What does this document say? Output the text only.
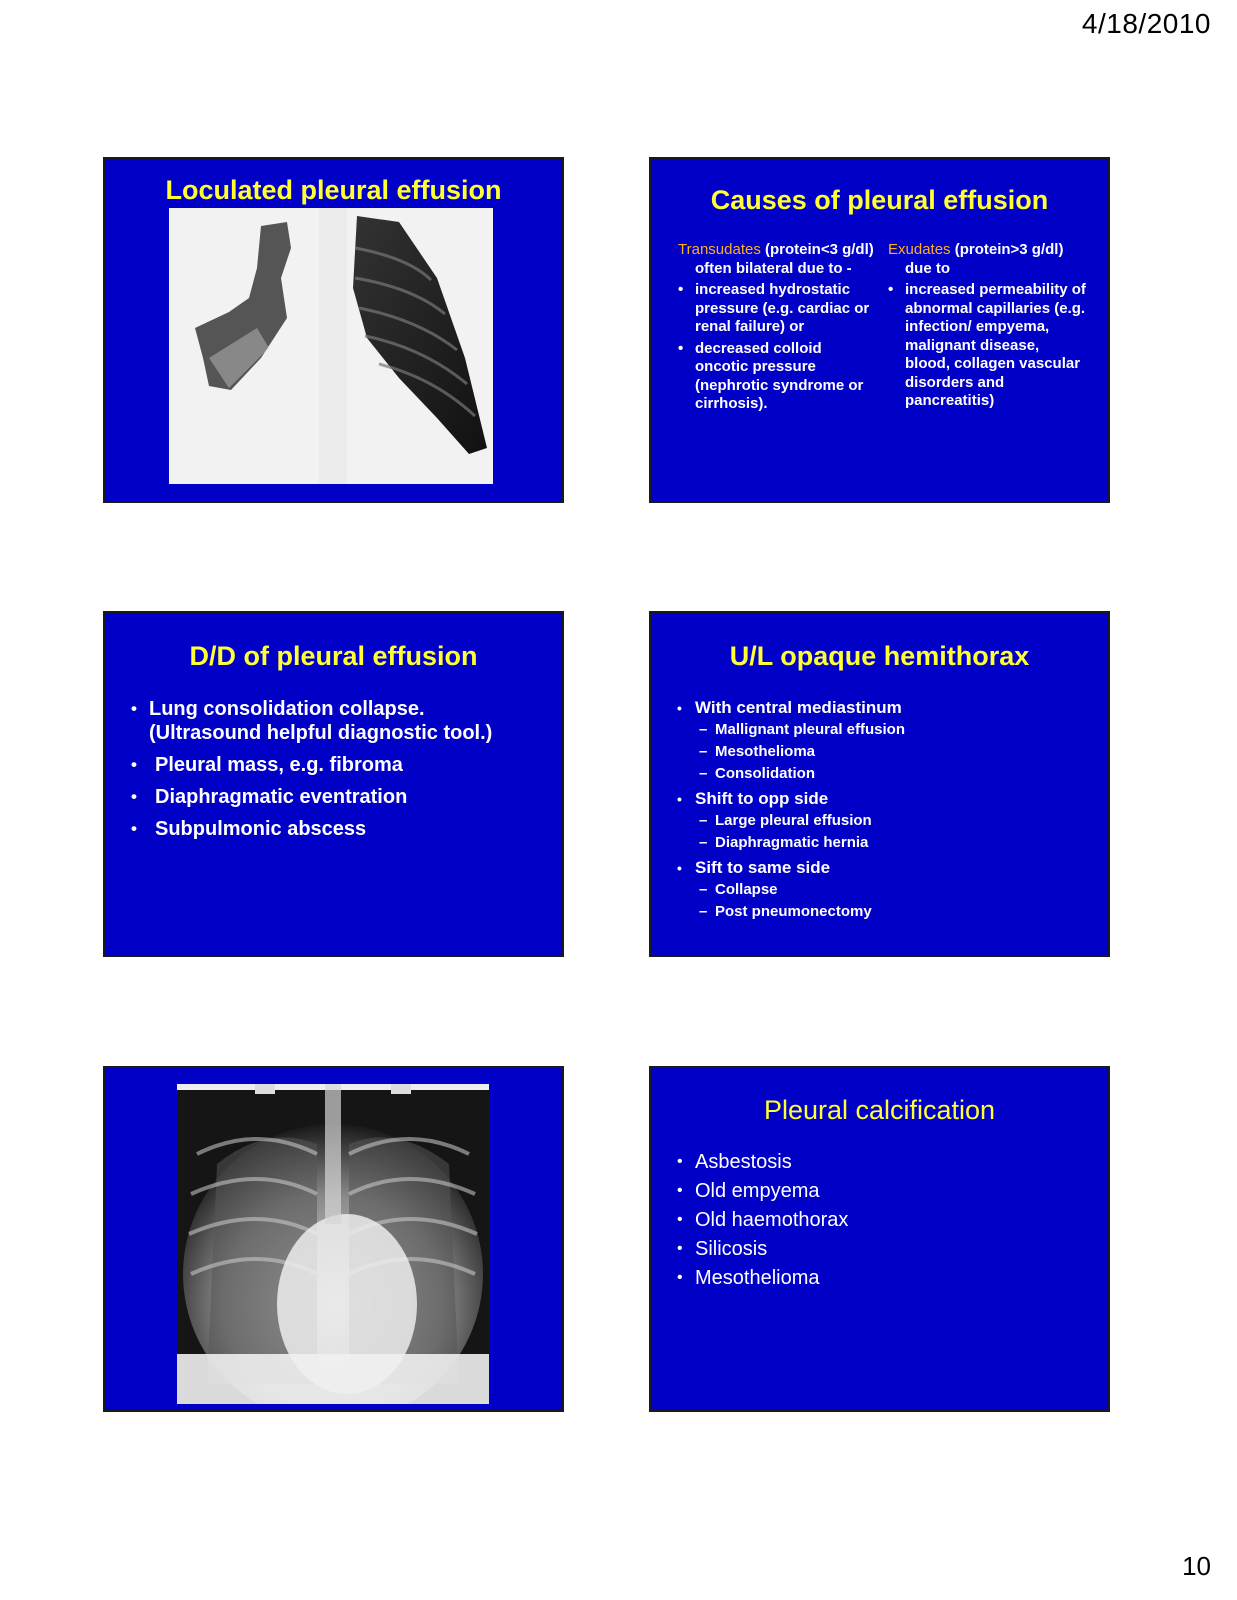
4/18/2010
Loculated pleural effusion	Causes of pleural effusion
Transudates (protein<3 g/dl) often bilateral due to -
• increased hydrostatic pressure (e.g. cardiac or renal failure) or
• decreased colloid oncotic pressure (nephrotic syndrome or cirrhosis).
Exudates (protein>3 g/dl) due to
• increased permeability of abnormal capillaries (e.g. infection/ empyema, malignant disease, blood, collagen vascular disorders and pancreatitis)
D/D of pleural effusion
• Lung consolidation collapse.
(Ultrasound helpful diagnostic tool.)
• Pleural mass, e.g. fibroma
• Diaphragmatic eventration
• Subpulmonic abscess
U/L opaque hemithorax
• With central mediastinum
– Mallignant pleural effusion
– Mesothelioma
– Consolidation
• Shift to opp side
– Large pleural effusion
– Diaphragmatic hernia
• Sift to same side
– Collapse
– Post pneumonectomy
Pleural calcification
• Asbestosis
• Old empyema
• Old haemothorax
• Silicosis
• Mesothelioma
10
